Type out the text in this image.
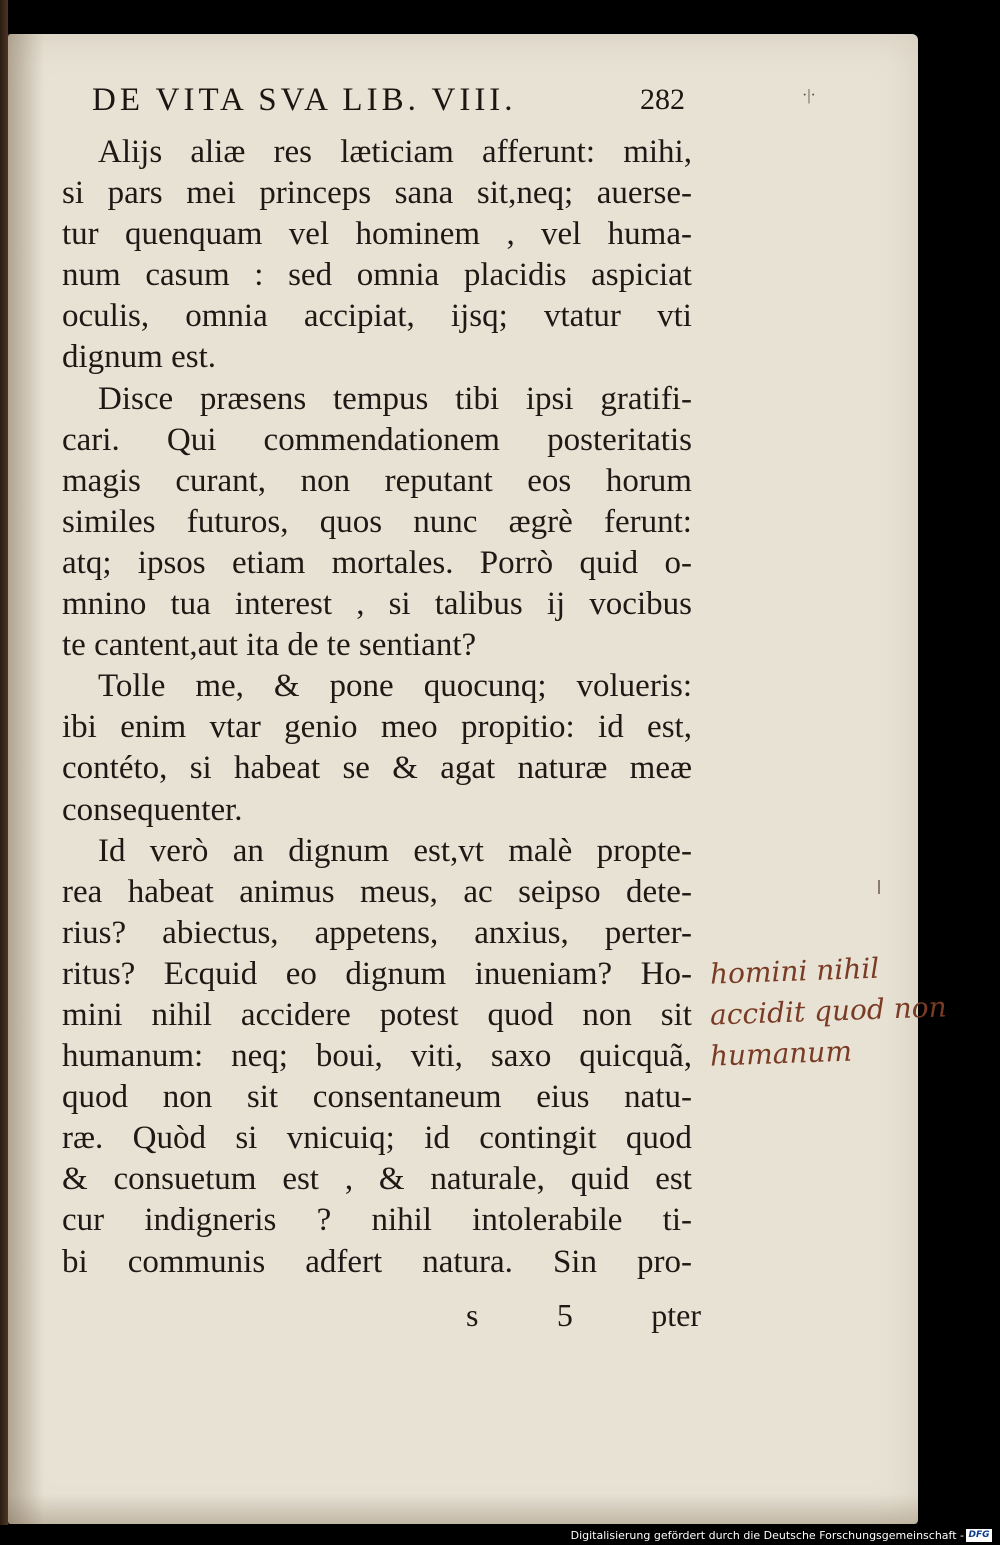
DE VITA SVA LIB. VIII.	282	·|·
Alijs aliæ res læticiam afferunt: mihi,
si pars mei princeps sana sit,neq; auerse-
tur quenquam vel hominem , vel huma-
num casum : sed omnia placidis aspiciat
oculis, omnia accipiat, ijsq; vtatur vti
dignum est.
Disce præsens tempus tibi ipsi gratifi-
cari. Qui commendationem posteritatis
magis curant, non reputant eos horum
similes futuros, quos nunc ægrè ferunt:
atq; ipsos etiam mortales. Porrò quid o-
mnino tua interest , si talibus ij vocibus
te cantent,aut ita de te sentiant?
Tolle me, & pone quocunq; volueris:
ibi enim vtar genio meo propitio: id est,
contéto, si habeat se & agat naturæ meæ
consequenter.
Id verò an dignum est,vt malè propte-
rea habeat animus meus, ac seipso dete-
rius? abiectus, appetens, anxius, perter-
ritus? Ecquid eo dignum inueniam? Ho-
mini nihil accidere potest quod non sit
humanum: neq; boui, viti, saxo quicquã,
quod non sit consentaneum eius natu-
ræ. Quòd si vnicuiq; id contingit quod
& consuetum est , & naturale, quid est
cur indigneris ? nihil intolerabile ti-
bi communis adfert natura. Sin pro-
s 5 pter
homini nihil
accidit quod non
humanum
Digitalisierung gefördert durch die Deutsche Forschungsgemeinschaft - DFG
